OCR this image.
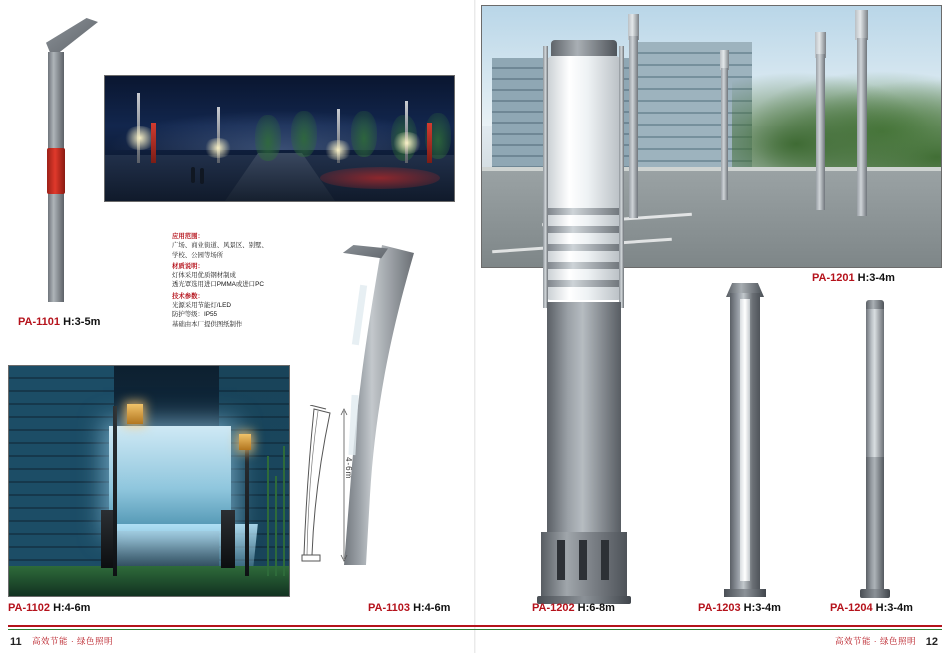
4-6m

应用范围：

广场、商业街道、风景区、别墅、

学校、公园等场所

材质说明：

灯体采用优质钢材制成

透光罩选用进口PMMA或进口PC

技术参数：

光源采用节能灯/LED

防护等级：IP55

基础由本厂提供图纸制作

PA-1101 H:3-5m
PA-1102 H:4-6m	PA-1103 H:4-6m
PA-1201 H:3-4m
PA-1202 H:6-8m	PA-1203 H:3-4m	PA-1204 H:3-4m
11 高效节能 · 绿色照明	12
高效节能 · 绿色照明
